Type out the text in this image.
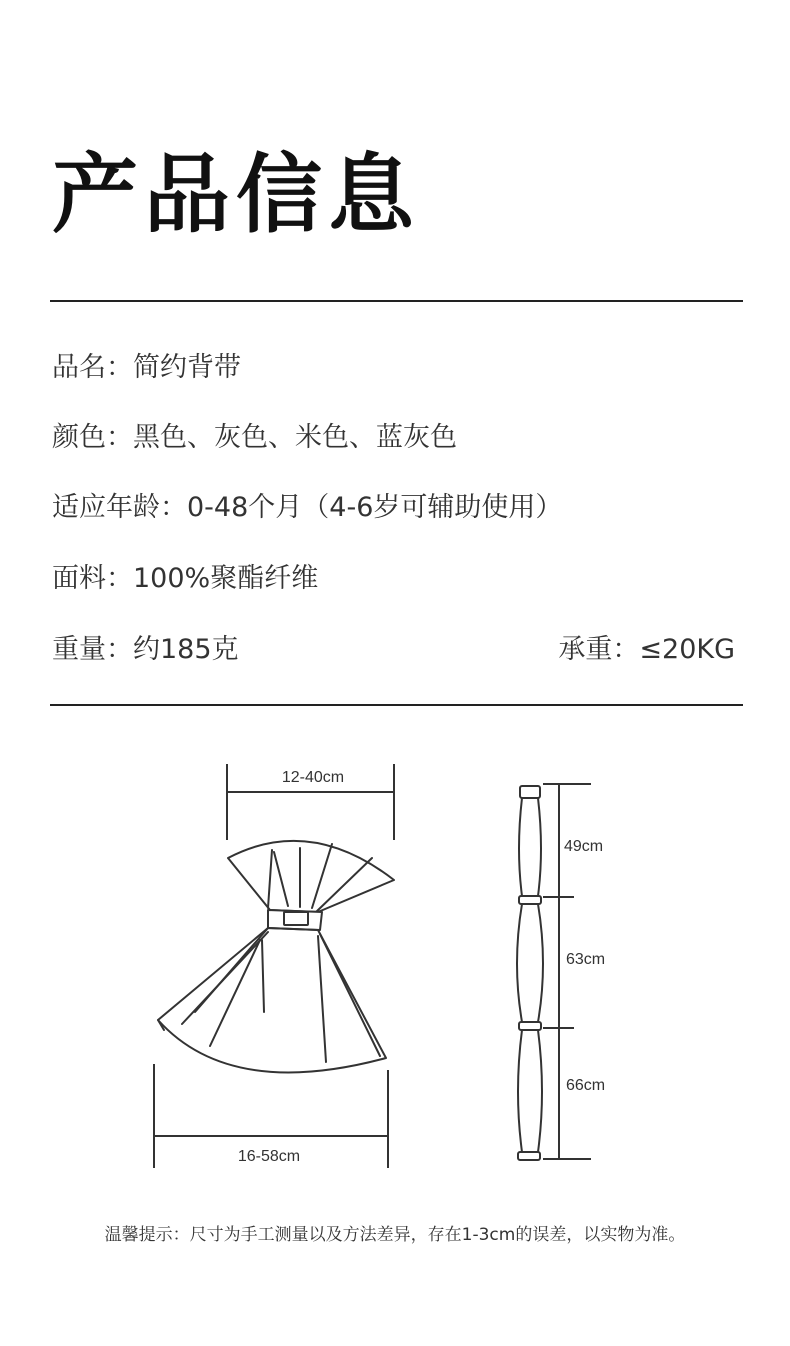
产品信息
品名：简约背带
颜色：黑色、灰色、米色、蓝灰色
适应年龄：0-48个月（4-6岁可辅助使用）
面料：100%聚酯纤维
重量：约185克	承重：≤20KG
12-40cm
16-58cm
49cm
63cm
66cm
温馨提示：尺寸为手工测量以及方法差异，存在1-3cm的误差，以实物为准。
